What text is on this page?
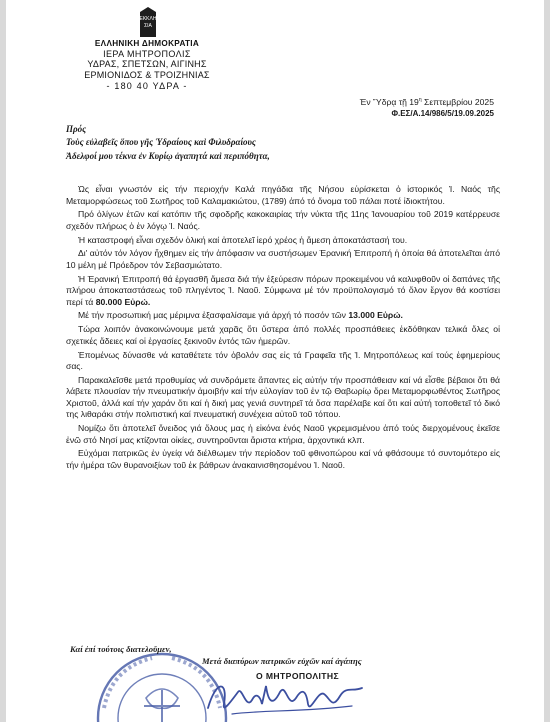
ΕΚΚΛΗ
ΣΙΑ
ΕΛΛΗΝΙΚΗ ΔΗΜΟΚΡΑΤΙΑ
ΙΕΡΑ ΜΗΤΡΟΠΟΛΙΣ
ΥΔΡΑΣ, ΣΠΕΤΣΩΝ, ΑΙΓΙΝΗΣ
ΕΡΜΙΟΝΙΔΟΣ & ΤΡΟΙΖΗΝΙΑΣ
- 180 40 ΥΔΡΑ -
Ἐν Ὕδρᾳ τῇ $19^\eta$ Σεπτεμβρίου 2025
Φ.ΕΣ/Α.14/986/5/19.09.2025
Πρός
Τοὺς εὐλαβεῖς ὅπου γῆς Ὑδραίους καὶ Φιλυδραίους
Ἀδελφοί μου τέκνα ἐν Κυρίῳ ἀγαπητά καὶ περιπόθητα,

Ὡς εἶναι γνωστόν εἰς τήν περιοχήν Καλά πηγάδια τῆς Νήσου εὑρίσκεται ὁ ἱστορικός Ἱ. Ναός τῆς Μεταμορφώσεως τοῦ Σωτῆρος τοῦ Καλαμακιώτου, (1789) ἀπό τό ὄνομα τοῦ πάλαι ποτέ ἰδιοκτήτου.

Πρό ὀλίγων ἐτῶν καί κατόπιν τῆς σφοδρῆς κακοκαιρίας τήν νύκτα τῆς 11ης Ἰανουαρίου τοῦ 2019 κατέρρευσε σχεδόν πλήρως ὁ ἐν λόγῳ Ἱ. Ναός.

Ἡ καταστροφή εἶναι σχεδόν ὁλική καί ἀποτελεῖ ἱερό χρέος ἡ ἄμεση ἀποκατάστασή του.

Δι' αὐτόν τόν λόγον ἤχθημεν εἰς τήν ἀπόφασιν να συστήσωμεν Ἐρανική Ἐπιτροπή ἡ ὁποία θά ἀποτελεῖται ἀπό 10 μέλη μέ Πρόεδρον τόν Σεβασμιώτατο.

Ἡ Ἐρανική Ἐπιτροπή θά ἐργασθῆ ἄμεσα διά τήν ἐξεύρεσιν πόρων προκειμένου νά καλυφθοῦν οἱ δαπάνες τῆς πλήρου ἀποκαταστάσεως τοῦ πληγέντος Ἱ. Ναοῦ. Σύμφωνα μέ τόν προϋπολογισμό τό ὅλον ἔργον θά κοστίσει περί τά 80.000 Εὐρώ.

Μέ τήν προσωπική μας μέριμνα ἐξασφαλίσαμε γιά ἀρχή τό ποσόν τῶν 13.000 Εὐρώ.

Τώρα λοιπόν ἀνακοινώνουμε μετά χαρᾶς ὅτι ὕστερα ἀπό πολλές προσπάθειες ἐκδόθηκαν τελικά ὅλες οἱ σχετικές ἄδειες καί οἱ ἐργασίες ξεκινοῦν ἐντός τῶν ἡμερῶν.

Ἐπομένως δύνασθε νά καταθέτετε τόν ὀβολόν σας εἰς τά Γραφεῖα τῆς Ἱ. Μητροπόλεως καί τούς ἐφημερίους σας.

Παρακαλεῖσθε μετά προθυμίας νά συνδράμετε ἅπαντες εἰς αὐτήν τήν προσπάθειαν καί νά εἶσθε βέβαιοι ὅτι θά λάβετε πλουσίαν τήν πνευματικήν ἀμοιβήν καί τήν εὐλογίαν τοῦ ἐν τῷ Θαβωρίῳ ὄρει Μεταμορφωθέντος Σωτῆρος Χριστοῦ, ἀλλά καί τήν χαράν ὅτι καί ἡ δική μας γενιά συντηρεῖ τά ὅσα παρέλαβε καί ὅτι καί αὐτή τοποθετεῖ τό δικό της λιθαράκι στήν πολιτιστική καί πνευματική συνέχεια αὐτοῦ τοῦ τόπου.

Νομίζω ὅτι ἀποτελεῖ ὄνειδος γιά ὅλους μας ἡ εἰκόνα ἑνός Ναοῦ γκρεμισμένου ἀπό τούς διερχομένους ἐκεῖσε ἐνῶ στό Νησί μας κτίζονται οἰκίες, συντηροῦνται ἄριστα κτήρια, ἀρχοντικά κλπ.

Εὐχόμαι πατρικῶς ἐν ὑγείᾳ νά διέλθωμεν τήν περίοδον τοῦ φθινοπώρου καί νά φθάσουμε τό συντομότερο εἰς τήν ἡμέρα τῶν θυρανοιξίων τοῦ ἐκ βάθρων ἀνακαινισθησομένου Ἱ. Ναοῦ.

Καί ἐπί τούτοις διατελοῦμεν,
Μετά διαπύρων πατρικῶν εὐχῶν καί ἀγάπης
Ο ΜΗΤΡΟΠΟΛΙΤΗΣ
